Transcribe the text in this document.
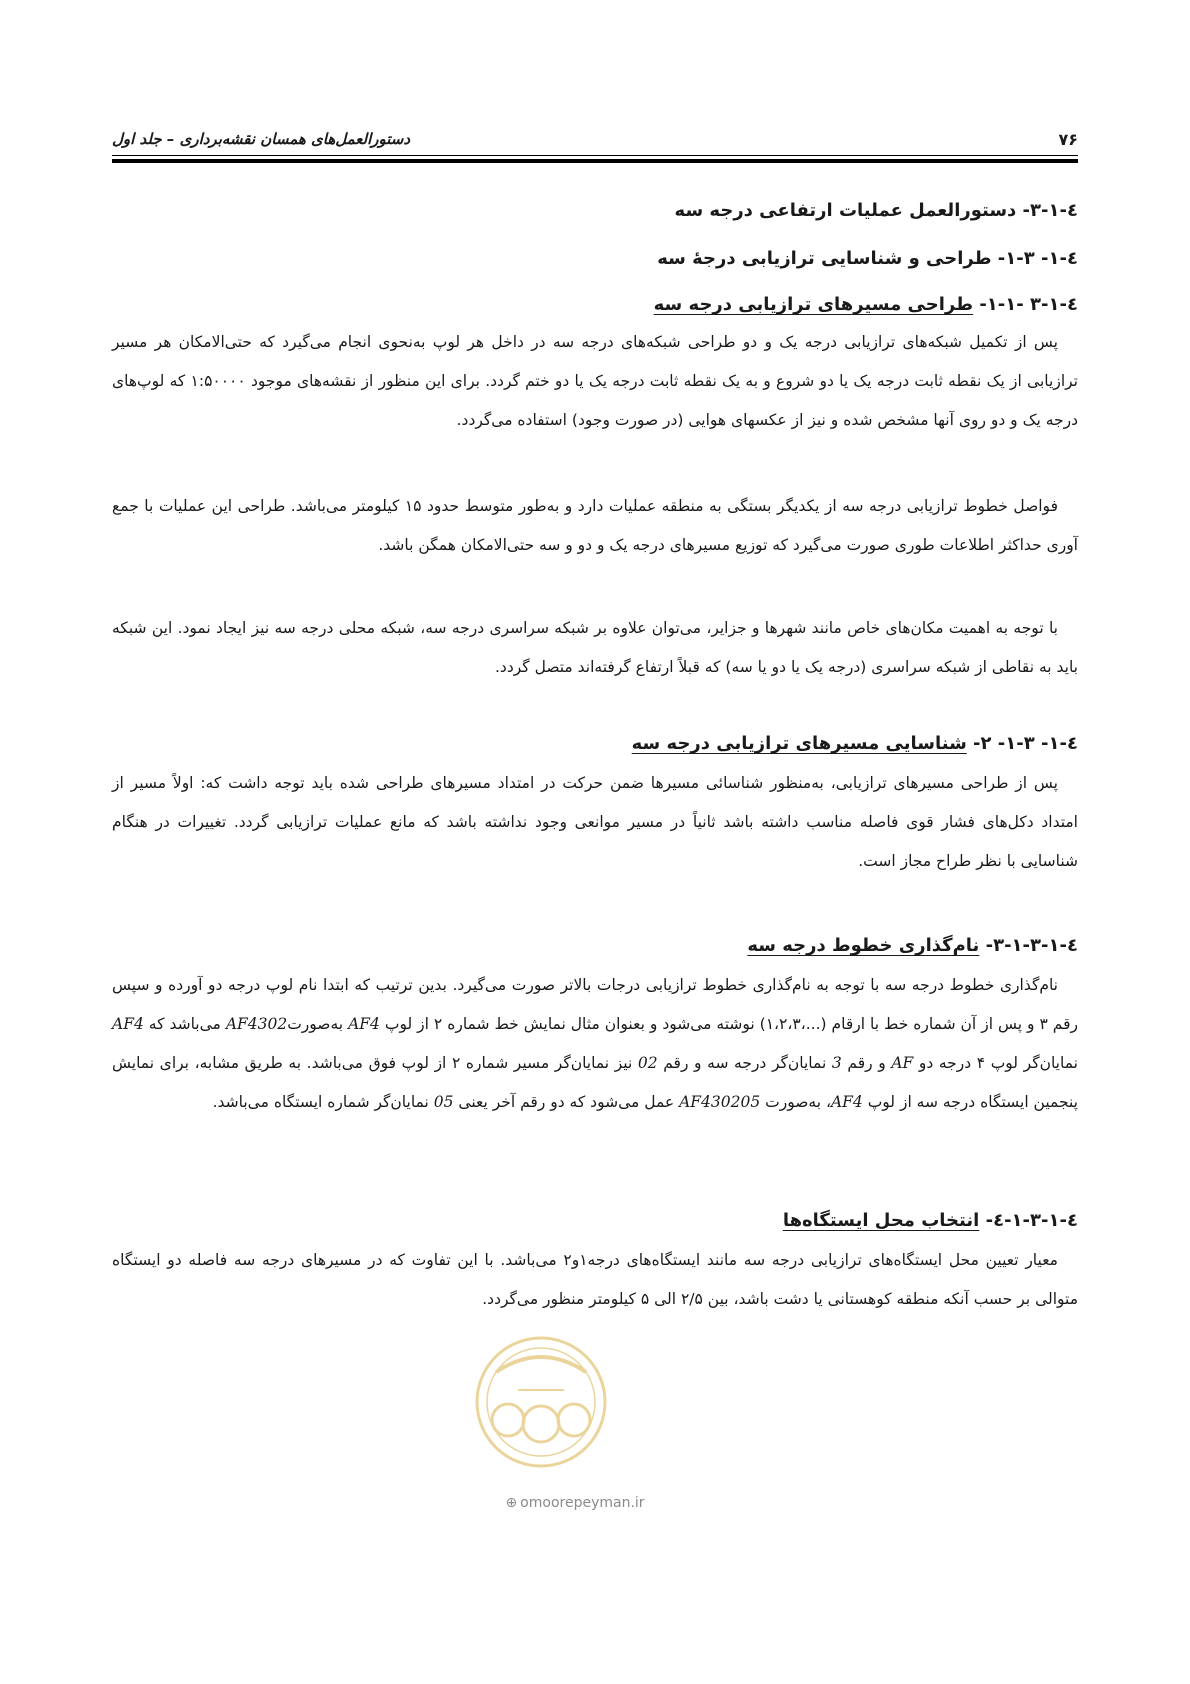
دستورالعمل‌های همسان نقشه‌برداری – جلد اول	۷۶
٤-١-٣- دستورالعمل عملیات ارتفاعی درجه سه
٤-١- ٣-١- طراحی و شناسایی ترازیابی درجهٔ سه
٤-١-٣ -١-١- طراحی مسیرهای ترازیابی درجه سه
پس از تکمیل شبکه‌های ترازیابی درجه یک و دو طراحی شبکه‌های درجه سه در داخل هر لوپ به‌نحوی انجام می‌گیرد که حتی‌الامکان هر مسیر ترازیابی از یک نقطه ثابت درجه یک یا دو شروع و به یک نقطه ثابت درجه یک یا دو ختم گردد. برای این منظور از نقشه‌های موجود ۱:۵۰۰۰۰ که لوپ‌های درجه یک و دو روی آنها مشخص شده و نیز از عکسهای هوایی (در صورت وجود) استفاده می‌گردد.
فواصل خطوط ترازیابی درجه سه از یکدیگر بستگی به منطقه عملیات دارد و به‌طور متوسط حدود ۱۵ کیلومتر می‌باشد. طراحی این عملیات با جمع آوری حداکثر اطلاعات طوری صورت می‌گیرد که توزیع مسیرهای درجه یک و دو و سه حتی‌الامکان همگن باشد.
با توجه به اهمیت مکان‌های خاص مانند شهرها و جزایر، می‌توان علاوه بر شبکه سراسری درجه سه، شبکه محلی درجه سه نیز ایجاد نمود. این شبکه باید به نقاطی از شبکه سراسری (درجه یک یا دو یا سه) که قبلاً ارتفاع گرفته‌اند متصل گردد.
٤-١- ٣-١- ٢- شناسایی مسیرهای ترازیابی درجه سه
پس از طراحی مسیرهای ترازیابی، به‌منظور شناسائی مسیرها ضمن حرکت در امتداد مسیرهای طراحی شده باید توجه داشت که: اولاً مسیر از امتداد دکل‌های فشار قوی فاصله مناسب داشته باشد ثانیاً در مسیر موانعی وجود نداشته باشد که مانع عملیات ترازیابی گردد. تغییرات در هنگام شناسایی با نظر طراح مجاز است.
٤-١-٣-١-٣- نام‌گذاری خطوط درجه سه
نام‌گذاری خطوط درجه سه با توجه به نام‌گذاری خطوط ترازیابی درجات بالاتر صورت می‌گیرد. بدین ترتیب که ابتدا نام لوپ درجه دو آورده و سپس رقم ۳ و پس از آن شماره خط با ارقام (...،۱،۲،۳) نوشته می‌شود و بعنوان مثال نمایش خط شماره ۲ از لوپ AF4 به‌صورتAF4302 می‌باشد که AF4 نمایان‌گر لوپ ۴ درجه دو AF و رقم 3 نمایان‌گر درجه سه و رقم 02 نیز نمایان‌گر مسیر شماره ۲ از لوپ فوق می‌باشد. به طریق مشابه، برای نمایش پنجمین ایستگاه درجه سه از لوپ AF4، به‌صورت AF430205 عمل می‌شود که دو رقم آخر یعنی 05 نمایان‌گر شماره ایستگاه می‌باشد.
٤-١-٣-١-٤- انتخاب محل ایستگاه‌ها
معیار تعیین محل ایستگاه‌های ترازیابی درجه سه مانند ایستگاه‌های درجه۱و۲ می‌باشد. با این تفاوت که در مسیرهای درجه سه فاصله دو ایستگاه متوالی بر حسب آنکه منطقه کوهستانی یا دشت باشد، بین ۲/۵ الی ۵ کیلومتر منظور می‌گردد.
⊕ omoorepeyman.ir
